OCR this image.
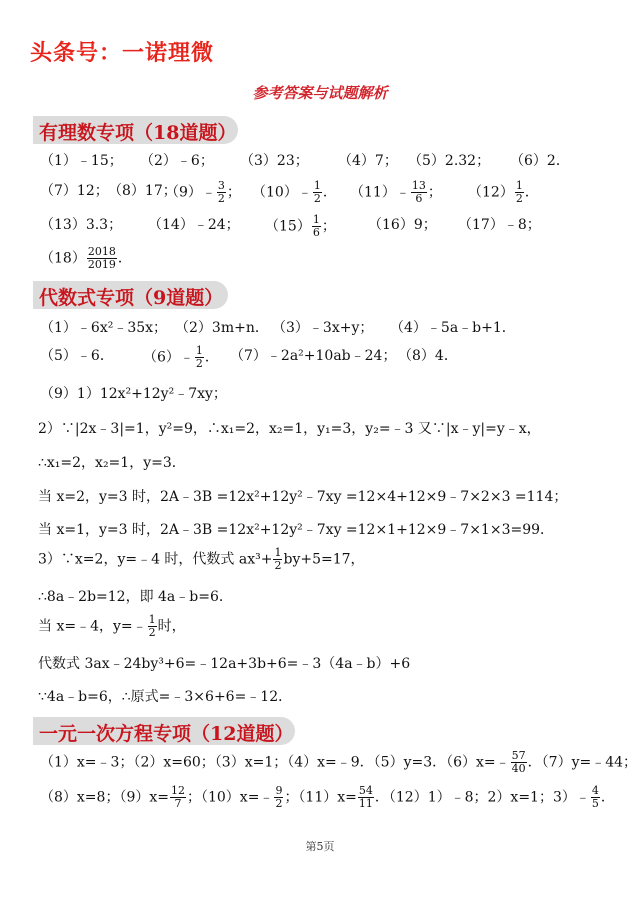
头条号：一诺理微
参考答案与试题解析
有理数专项（18道题）
（1）﹣15； （2）﹣6； （3）23； （4）7； （5）2.32； （6）2．
（7）12； （8）17；
（9）﹣ $\frac{3}{2}$ ； （10）﹣ $\frac{1}{2}$ ． （11）﹣ $\frac{13}{6}$ ； $(12) \frac{1}{2}$ ．
（13）3.3； （14）﹣24； $(15) \frac{1}{6}$ ； （16）9； （17）﹣8；
$(18) \frac{2018}{2019}$ ．
代数式专项（9道题）
（1）﹣6x²﹣35x； （2）3m+n． （3）﹣3x+y； （4）﹣5a﹣b+1．
（5）﹣6． （6）﹣ $\frac{1}{2}$ ． （7）﹣2a²+10ab﹣24； （8）4．
（9）1）12x²+12y²﹣7xy；
2）∵|2x﹣3|=1，y²=9，∴x₁=2，x₂=1，y₁=3，y₂=﹣3 又∵|x﹣y|=y﹣x，
∴x₁=2，x₂=1，y=3．
当 x=2，y=3 时，2A﹣3B =12x²+12y²﹣7xy =12×4+12×9﹣7×2×3 =114；
当 x=1，y=3 时，2A﹣3B =12x²+12y²﹣7xy =12×1+12×9﹣7×1×3=99．
3）∵x=2，y=﹣4 时，代数式 $ax^3+ \frac{1}{2} by+5=17$，
∴8a﹣2b=12，即 4a﹣b=6．
当 x=﹣4，y=﹣ $\frac{1}{2}$ 时，
代数式 3ax﹣24by³+6=﹣12a+3b+6=﹣3（4a﹣b）+6
∵4a﹣b=6，∴原式=﹣3×6+6=﹣12．
一元一次方程专项（12道题）
（1）x=﹣3；（2）x=60；（3）x=1；（4）x=﹣9．（5）y=3．（6）x=﹣ $\frac{57}{40}$ ．（7）y=﹣44；
（8）x=8；$(9)x= \frac{12}{7}$ ；（10）x=﹣ $\frac{9}{2}$ ；$(11)x= \frac{54}{11}$ ．（12）1）﹣8；2）x=1；3）﹣ $\frac{4}{5}$ ．
第5页
